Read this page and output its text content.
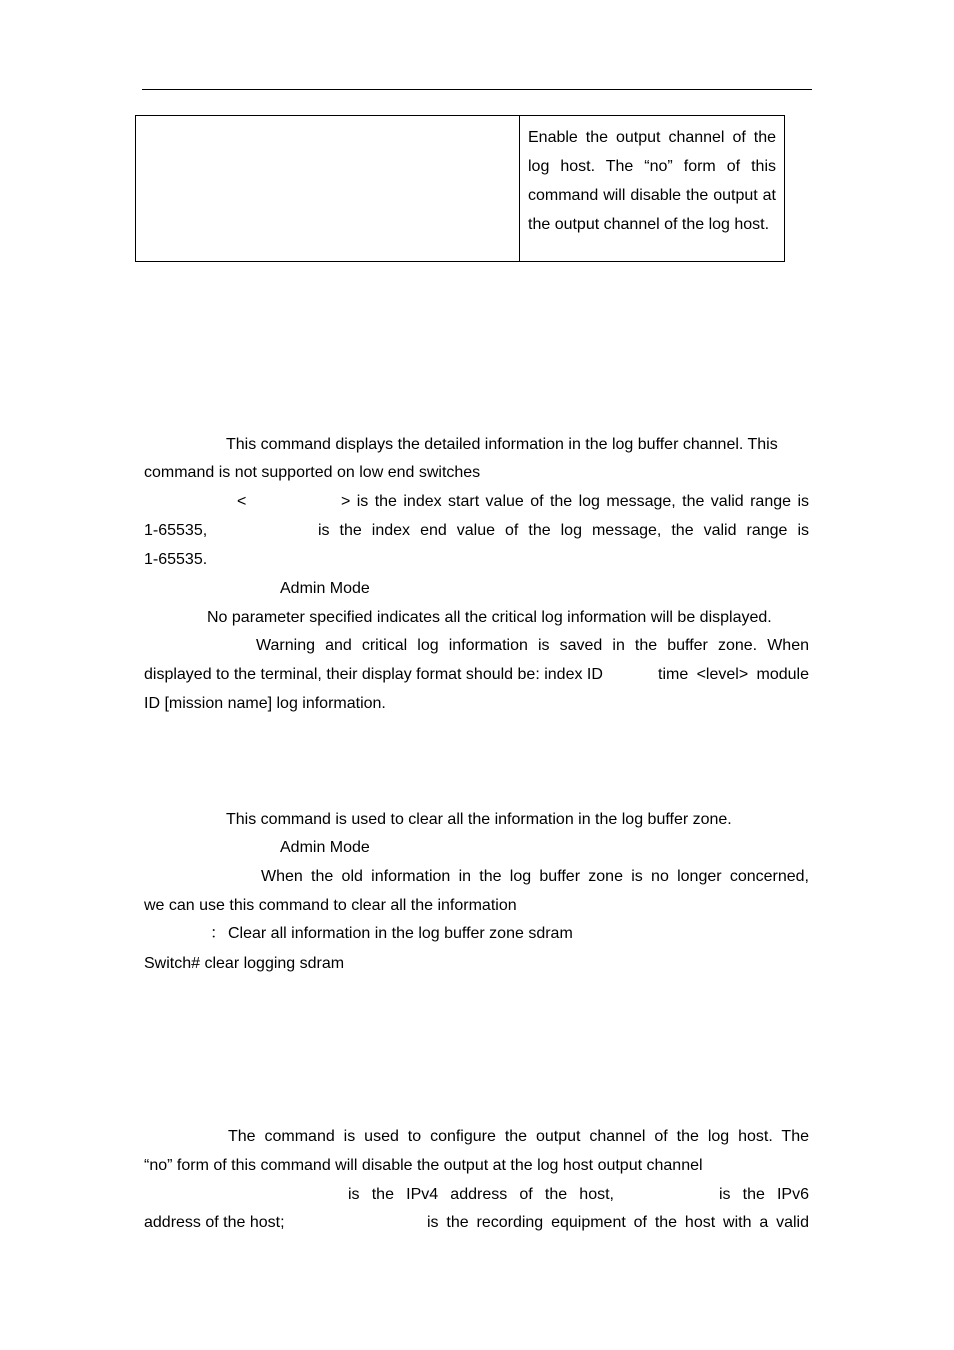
Enable the output channel of the log host. The “no” form of this command will disable the output at the output channel of the log host.
This command displays the detailed information in the log buffer channel. This
command is not supported on low end switches
<	> is the index start value of the log message, the valid range is
1-65535,	is the index end value of the log message, the valid range is
1-65535.
Admin Mode
No parameter specified indicates all the critical log information will be displayed.
Warning and critical log information is saved in the buffer zone. When
displayed to the terminal, their display format should be: index ID	time <level> module
ID [mission name] log information.
This command is used to clear all the information in the log buffer zone.
Admin Mode
When the old information in the log buffer zone is no longer concerned,
we can use this command to clear all the information
： Clear all information in the log buffer zone sdram
Switch# clear logging sdram
The command is used to configure the output channel of the log host. The
“no” form of this command will disable the output at the log host output channel
is the IPv4 address of the host,	is the IPv6
address of the host;	is the recording equipment of the host with a valid
